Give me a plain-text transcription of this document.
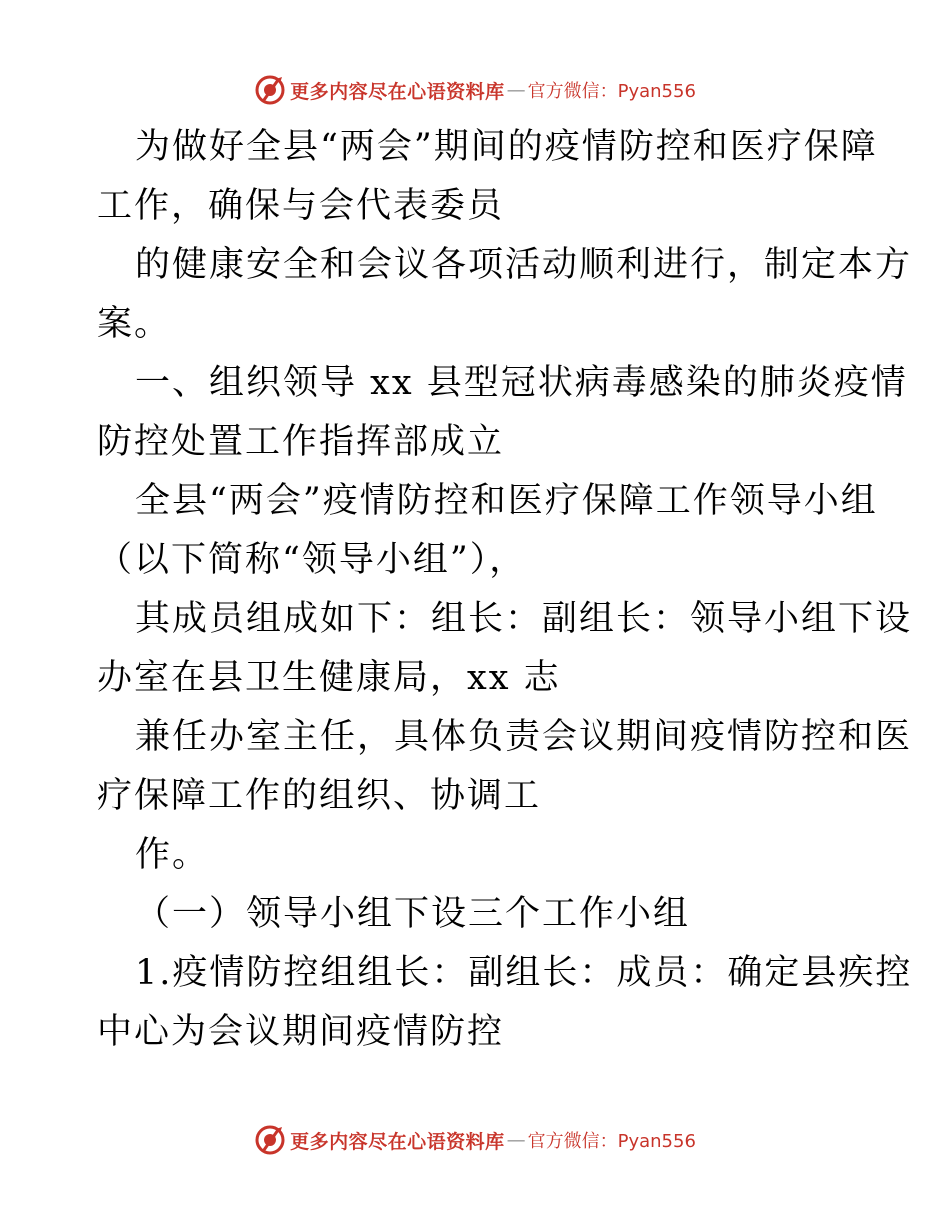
更多内容尽在心语资料库 — 官方微信：Pyan556
为做好全县“两会”期间的疫情防控和医疗保障
工作，确保与会代表委员
的健康安全和会议各项活动顺利进行，制定本方
案。
一、组织领导 xx 县型冠状病毒感染的肺炎疫情
防控处置工作指挥部成立
全县“两会”疫情防控和医疗保障工作领导小组
（以下简称“领导小组”），
其成员组成如下：组长：副组长：领导小组下设
办室在县卫生健康局，xx 志
兼任办室主任，具体负责会议期间疫情防控和医
疗保障工作的组织、协调工
作。
（一）领导小组下设三个工作小组
1.疫情防控组组长：副组长：成员：确定县疾控
中心为会议期间疫情防控
更多内容尽在心语资料库 — 官方微信：Pyan556
